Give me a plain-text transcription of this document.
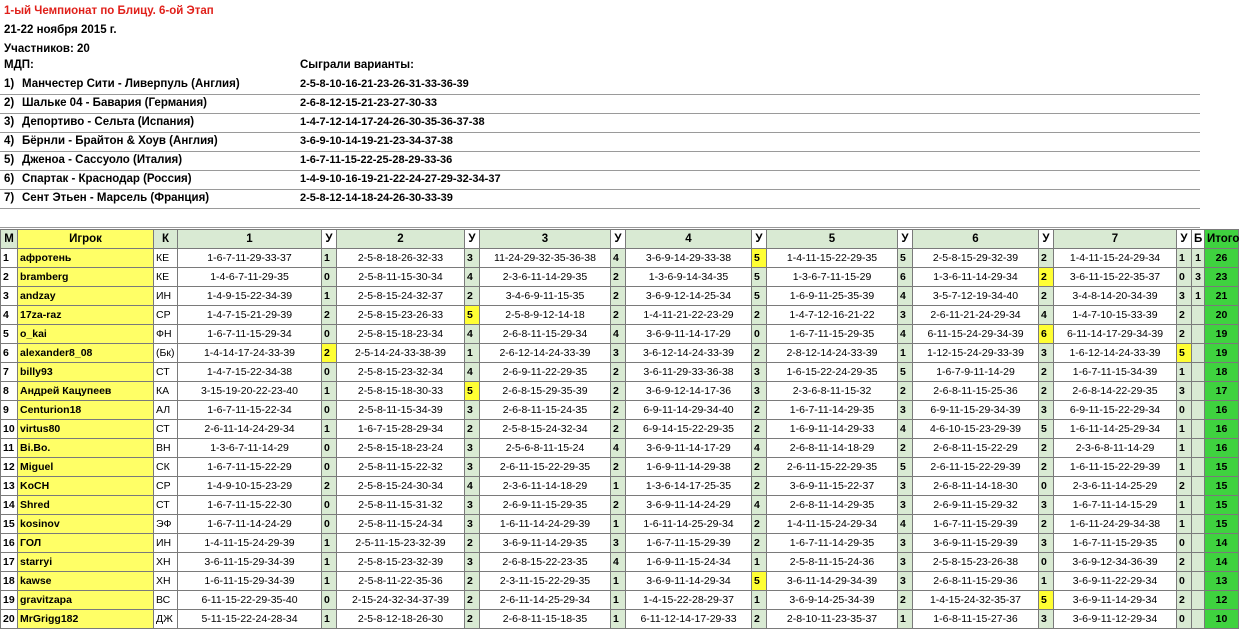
1-ый Чемпионат по Блицу. 6-ой Этап
21-22 ноября 2015 г.
Участников: 20
МДП:	Сыграли варианты:
1) Манчестер Сити - Ливерпуль (Англия)	2-5-8-10-16-21-23-26-31-33-36-39
2) Шальке 04 - Бавария (Германия)	2-6-8-12-15-21-23-27-30-33
3) Депортиво - Сельта (Испания)	1-4-7-12-14-17-24-26-30-35-36-37-38
4) Бёрнли - Брайтон & Хоув (Англия)	3-6-9-10-14-19-21-23-34-37-38
5) Дженоа - Сассуоло (Италия)	1-6-7-11-15-22-25-28-29-33-36
6) Спартак - Краснодар (Россия)	1-4-9-10-16-19-21-22-24-27-29-32-34-37
7) Сент Этьен - Марсель (Франция)	2-5-8-12-14-18-24-26-30-33-39
М	Игрок	К	1	У	2	У	3	У	4	У	5	У	6	У	7	У	Б	Итого
1	афротень	КЕ	1-6-7-11-29-33-37	1	2-5-8-18-26-32-33	3	11-24-29-32-35-36-38	4	3-6-9-14-29-33-38	5	1-4-11-15-22-29-35	5	2-5-8-15-29-32-39	2	1-4-11-15-24-29-34	1	1	26
2	bramberg	КЕ	1-4-6-7-11-29-35	0	2-5-8-11-15-30-34	4	2-3-6-11-14-29-35	2	1-3-6-9-14-34-35	5	1-3-6-7-11-15-29	6	1-3-6-11-14-29-34	2	3-6-11-15-22-35-37	0	3	23
3	andzay	ИН	1-4-9-15-22-34-39	1	2-5-8-15-24-32-37	2	3-4-6-9-11-15-35	2	3-6-9-12-14-25-34	5	1-6-9-11-25-35-39	4	3-5-7-12-19-34-40	2	3-4-8-14-20-34-39	3	1	21
4	17za-raz	СР	1-4-7-15-21-29-39	2	2-5-8-15-23-26-33	5	2-5-8-9-12-14-18	2	1-4-11-21-22-23-29	2	1-4-7-12-16-21-22	3	2-6-11-21-24-29-34	4	1-4-7-10-15-33-39	2		20
5	o_kai	ФН	1-6-7-11-15-29-34	0	2-5-8-15-18-23-34	4	2-6-8-11-15-29-34	4	3-6-9-11-14-17-29	0	1-6-7-11-15-29-35	4	6-11-15-24-29-34-39	6	6-11-14-17-29-34-39	2		19
6	alexander8_08	(Бк)	1-4-14-17-24-33-39	2	2-5-14-24-33-38-39	1	2-6-12-14-24-33-39	3	3-6-12-14-24-33-39	2	2-8-12-14-24-33-39	1	1-12-15-24-29-33-39	3	1-6-12-14-24-33-39	5		19
7	billy93	СТ	1-4-7-15-22-34-38	0	2-5-8-15-23-32-34	4	2-6-9-11-22-29-35	2	3-6-11-29-33-36-38	3	1-6-15-22-24-29-35	5	1-6-7-9-11-14-29	2	1-6-7-11-15-34-39	1		18
8	Андрей Кацупеев	КА	3-15-19-20-22-23-40	1	2-5-8-15-18-30-33	5	2-6-8-15-29-35-39	2	3-6-9-12-14-17-36	3	2-3-6-8-11-15-32	2	2-6-8-11-15-25-36	2	2-6-8-14-22-29-35	3		17
9	Centurion18	АЛ	1-6-7-11-15-22-34	0	2-5-8-11-15-34-39	3	2-6-8-11-15-24-35	2	6-9-11-14-29-34-40	2	1-6-7-11-14-29-35	3	6-9-11-15-29-34-39	3	6-9-11-15-22-29-34	0		16
10	virtus80	СТ	2-6-11-14-24-29-34	1	1-6-7-15-28-29-34	2	2-5-8-15-24-32-34	2	6-9-14-15-22-29-35	2	1-6-9-11-14-29-33	4	4-6-10-15-23-29-39	5	1-6-11-14-25-29-34	1		16
11	Bi.Bo.	ВН	1-3-6-7-11-14-29	0	2-5-8-15-18-23-24	3	2-5-6-8-11-15-24	4	3-6-9-11-14-17-29	4	2-6-8-11-14-18-29	2	2-6-8-11-15-22-29	2	2-3-6-8-11-14-29	1		16
12	Miguel	СК	1-6-7-11-15-22-29	0	2-5-8-11-15-22-32	3	2-6-11-15-22-29-35	2	1-6-9-11-14-29-38	2	2-6-11-15-22-29-35	5	2-6-11-15-22-29-39	2	1-6-11-15-22-29-39	1		15
13	KoCH	СР	1-4-9-10-15-23-29	2	2-5-8-15-24-30-34	4	2-3-6-11-14-18-29	1	1-3-6-14-17-25-35	2	3-6-9-11-15-22-37	3	2-6-8-11-14-18-30	0	2-3-6-11-14-25-29	2		15
14	Shred	СТ	1-6-7-11-15-22-30	0	2-5-8-11-15-31-32	3	2-6-9-11-15-29-35	2	3-6-9-11-14-24-29	4	2-6-8-11-14-29-35	3	2-6-9-11-15-29-32	3	1-6-7-11-14-15-29	1		15
15	kosinov	ЭФ	1-6-7-11-14-24-29	0	2-5-8-11-15-24-34	3	1-6-11-14-24-29-39	1	1-6-11-14-25-29-34	2	1-4-11-15-24-29-34	4	1-6-7-11-15-29-39	2	1-6-11-24-29-34-38	1		15
16	ГОЛ	ИН	1-4-11-15-24-29-39	1	2-5-11-15-23-32-39	2	3-6-9-11-14-29-35	3	1-6-7-11-15-29-39	2	1-6-7-11-14-29-35	3	3-6-9-11-15-29-39	3	1-6-7-11-15-29-35	0		14
17	starryi	ХН	3-6-11-15-29-34-39	1	2-5-8-15-23-32-39	3	2-6-8-15-22-23-35	4	1-6-9-11-15-24-34	1	2-5-8-11-15-24-36	3	2-5-8-15-23-26-38	0	3-6-9-12-34-36-39	2		14
18	kawse	ХН	1-6-11-15-29-34-39	1	2-5-8-11-22-35-36	2	2-3-11-15-22-29-35	1	3-6-9-11-14-29-34	5	3-6-11-14-29-34-39	3	2-6-8-11-15-29-36	1	3-6-9-11-22-29-34	0		13
19	gravitzapa	ВС	6-11-15-22-29-35-40	0	2-15-24-32-34-37-39	2	2-6-11-14-25-29-34	1	1-4-15-22-28-29-37	1	3-6-9-14-25-34-39	2	1-4-15-24-32-35-37	5	3-6-9-11-14-29-34	2		12
20	MrGrigg182	ДЖ	5-11-15-22-24-28-34	1	2-5-8-12-18-26-30	2	2-6-8-11-15-18-35	1	6-11-12-14-17-29-33	2	2-8-10-11-23-35-37	1	1-6-8-11-15-27-36	3	3-6-9-11-12-29-34	0		10
